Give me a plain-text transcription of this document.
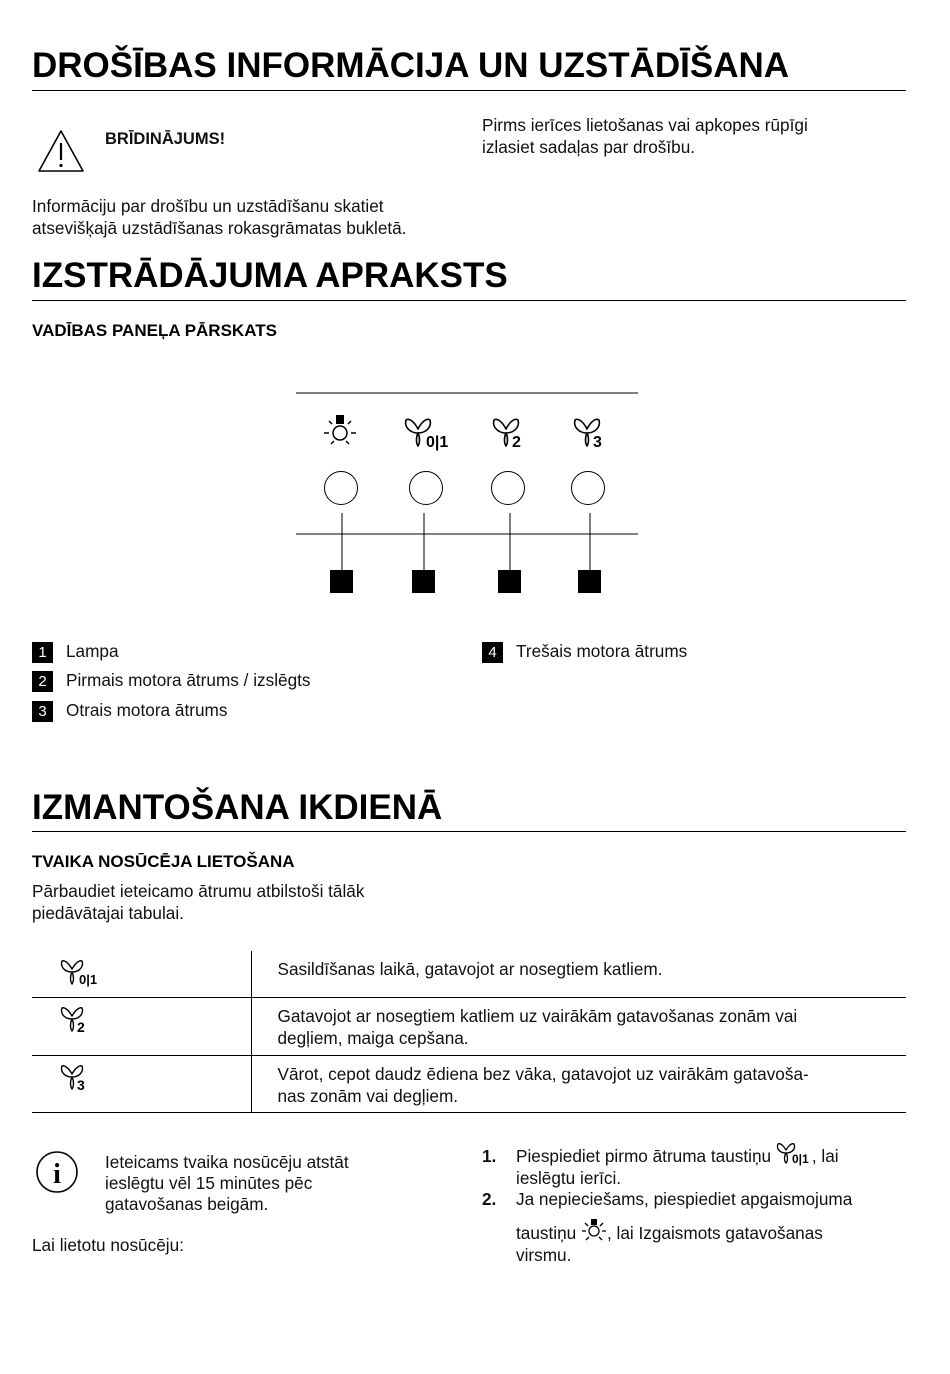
DROŠĪBAS INFORMĀCIJA UN UZSTĀDĪŠANA
BRĪDINĀJUMS!
Pirms ierīces lietošanas vai apkopes rūpīgi
izlasiet sadaļas par drošību.
Informāciju par drošību un uzstādīšanu skatiet
atsevišķajā uzstādīšanas rokasgrāmatas bukletā.
IZSTRĀDĀJUMA APRAKSTS
VADĪBAS PANEĻA PĀRSKATS
0|1	2	3
1	Lampa
2	Pirmais motora ātrums / izslēgts
3	Otrais motora ātrums
4	Trešais motora ātrums
IZMANTOŠANA IKDIENĀ
TVAIKA NOSŪCĒJA LIETOŠANA
Pārbaudiet ieteicamo ātrumu atbilstoši tālāk
piedāvātajai tabulai.
0|1	Sasildīšanas laikā, gatavojot ar nosegtiem katliem.

2	Gatavojot ar nosegtiem katliem uz vairākām gatavošanas zonām vai
degļiem, maiga cepšana.

3	Vārot, cepot daudz ēdiena bez vāka, gatavojot uz vairākām gatavoša-
nas zonām vai degļiem.
i	Ieteicams tvaika nosūcēju atstāt
ieslēgtu vēl 15 minūtes pēc
gatavošanas beigām.
Lai lietotu nosūcēju:
1. Piespiediet pirmo ātruma taustiņu 0|1 , lai
ieslēgtu ierīci.
2. Ja nepieciešams, piespiediet apgaismojuma
taustiņu , lai Izgaismots gatavošanas
virsmu.
